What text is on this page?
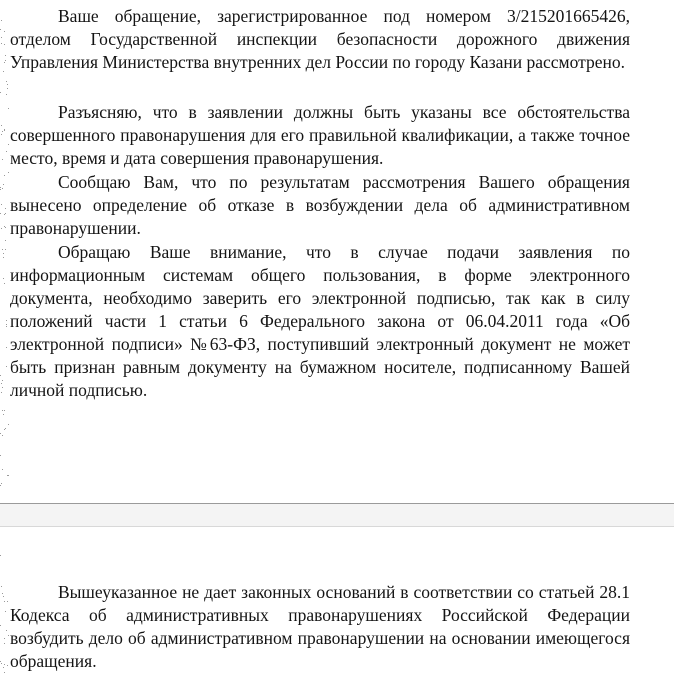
Ваше обращение, зарегистрированное под номером 3/215201665426, отделом Государственной инспекции безопасности дорожного движения Управления Министерства внутренних дел России по городу Казани рассмотрено.

Разъясняю, что в заявлении должны быть указаны все обстоятельства совершенного правонарушения для его правильной квалификации, а также точное место, время и дата совершения правонарушения.

Сообщаю Вам, что по результатам рассмотрения Вашего обращения вынесено определение об отказе в возбуждении дела об административном правонарушении.

Обращаю Ваше внимание, что в случае подачи заявления по информационным системам общего пользования, в форме электронного документа, необходимо заверить его электронной подписью, так как в силу положений части 1 статьи 6 Федерального закона от 06.04.2011 года «Об электронной подписи» №63-ФЗ, поступивший электронный документ не может быть признан равным документу на бумажном носителе, подписанному Вашей личной подписью.

Вышеуказанное не дает законных оснований в соответствии со статьей 28.1 Кодекса об административных правонарушениях Российской Федерации возбудить дело об административном правонарушении на основании имеющегося обращения.
